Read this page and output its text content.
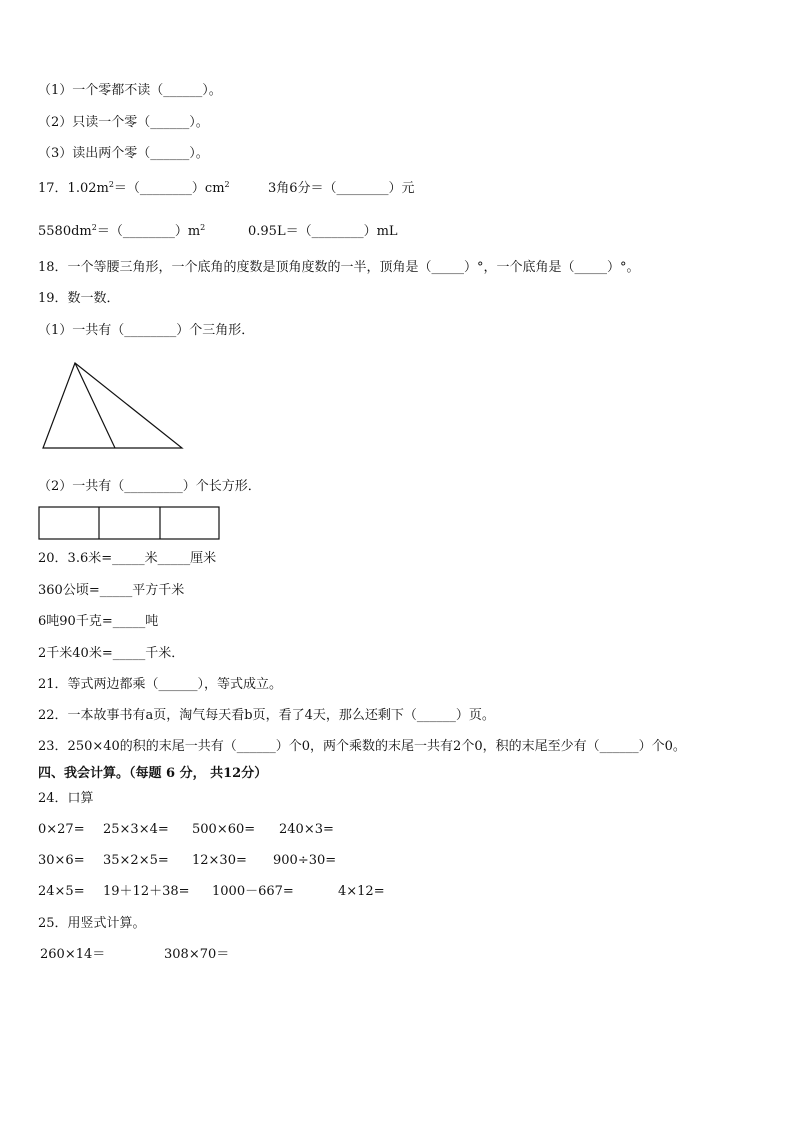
（1）一个零都不读（______）。
（2）只读一个零（______）。
（3）读出两个零（______）。
17．$1.02m^2=(\_\_\_\_\_\_\_\_)cm^2$	3角6分＝（________）元
$5580dm^2=(\_\_\_\_\_\_\_\_)m^2$	0.95L＝（________）mL
18．一个等腰三角形，一个底角的度数是顶角度数的一半，顶角是（_____）°，一个底角是（_____）°。
19．数一数．
（1）一共有（________）个三角形．
（2）一共有（_________）个长方形．
20．3.6米=_____米_____厘米
360公顷=_____平方千米
6吨90千克=_____吨
2千米40米=_____千米．
21．等式两边都乘（______），等式成立。
22．一本故事书有a页，淘气每天看b页，看了4天，那么还剩下（______）页。
23．250×40的积的末尾一共有（______）个0，两个乘数的末尾一共有2个0，积的末尾至少有（______）个0。
四、我会计算。（每题 6 分， 共12分）
24．口算
0×27= 25×3×4= 500×60= 240×3=
30×6= 35×2×5= 12×30= 900÷30=
24×5= 19＋12＋38= 1000－667=	4×12=
25．用竖式计算。
260×14＝	308×70＝
